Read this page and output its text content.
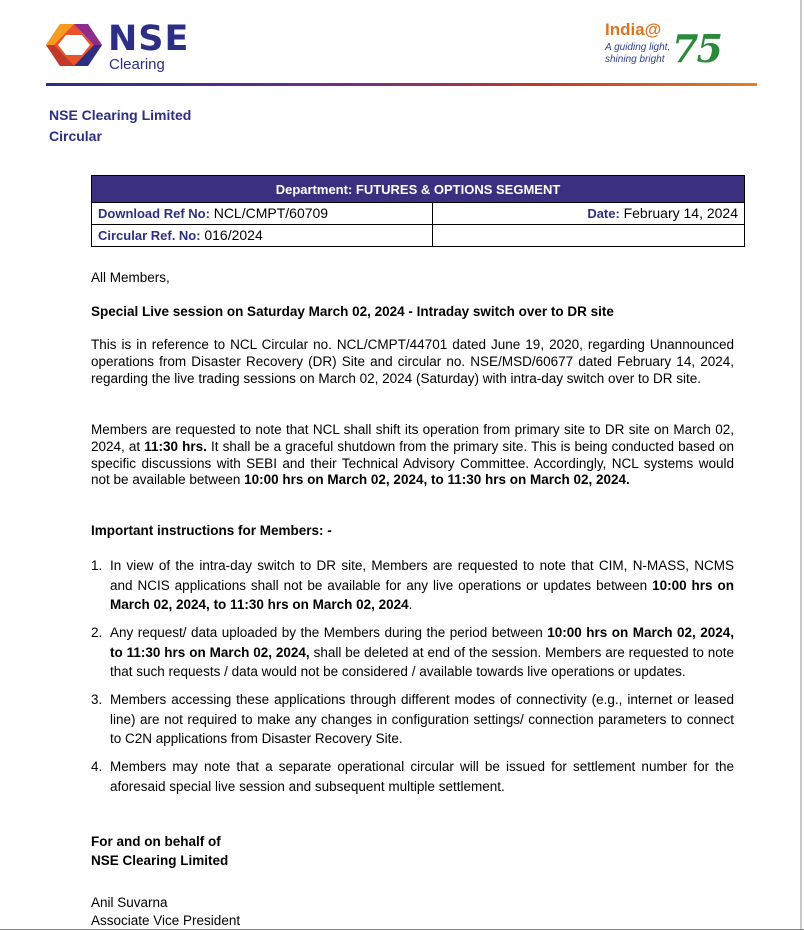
NSE
Clearing
India@
A guiding light,
shining bright 75
NSE Clearing Limited
Circular
Department: FUTURES & OPTIONS SEGMENT
Download Ref No: NCL/CMPT/60709	Date: February 14, 2024
Circular Ref. No: 016/2024
All Members,
Special Live session on Saturday March 02, 2024 - Intraday switch over to DR site
This is in reference to NCL Circular no. NCL/CMPT/44701 dated June 19, 2020, regarding Unannounced operations from Disaster Recovery (DR) Site and circular no. NSE/MSD/60677 dated February 14, 2024, regarding the live trading sessions on March 02, 2024 (Saturday) with intra-day switch over to DR site.
Members are requested to note that NCL shall shift its operation from primary site to DR site on March 02, 2024, at 11:30 hrs. It shall be a graceful shutdown from the primary site. This is being conducted based on specific discussions with SEBI and their Technical Advisory Committee. Accordingly, NCL systems would not be available between 10:00 hrs on March 02, 2024, to 11:30 hrs on March 02, 2024.
Important instructions for Members: -
1. In view of the intra-day switch to DR site, Members are requested to note that CIM, N-MASS, NCMS and NCIS applications shall not be available for any live operations or updates between 10:00 hrs on March 02, 2024, to 11:30 hrs on March 02, 2024.
2. Any request/ data uploaded by the Members during the period between 10:00 hrs on March 02, 2024, to 11:30 hrs on March 02, 2024, shall be deleted at end of the session. Members are requested to note that such requests / data would not be considered / available towards live operations or updates.
3. Members accessing these applications through different modes of connectivity (e.g., internet or leased line) are not required to make any changes in configuration settings/ connection parameters to connect to C2N applications from Disaster Recovery Site.
4. Members may note that a separate operational circular will be issued for settlement number for the aforesaid special live session and subsequent multiple settlement.
For and on behalf of
NSE Clearing Limited
Anil Suvarna
Associate Vice President
